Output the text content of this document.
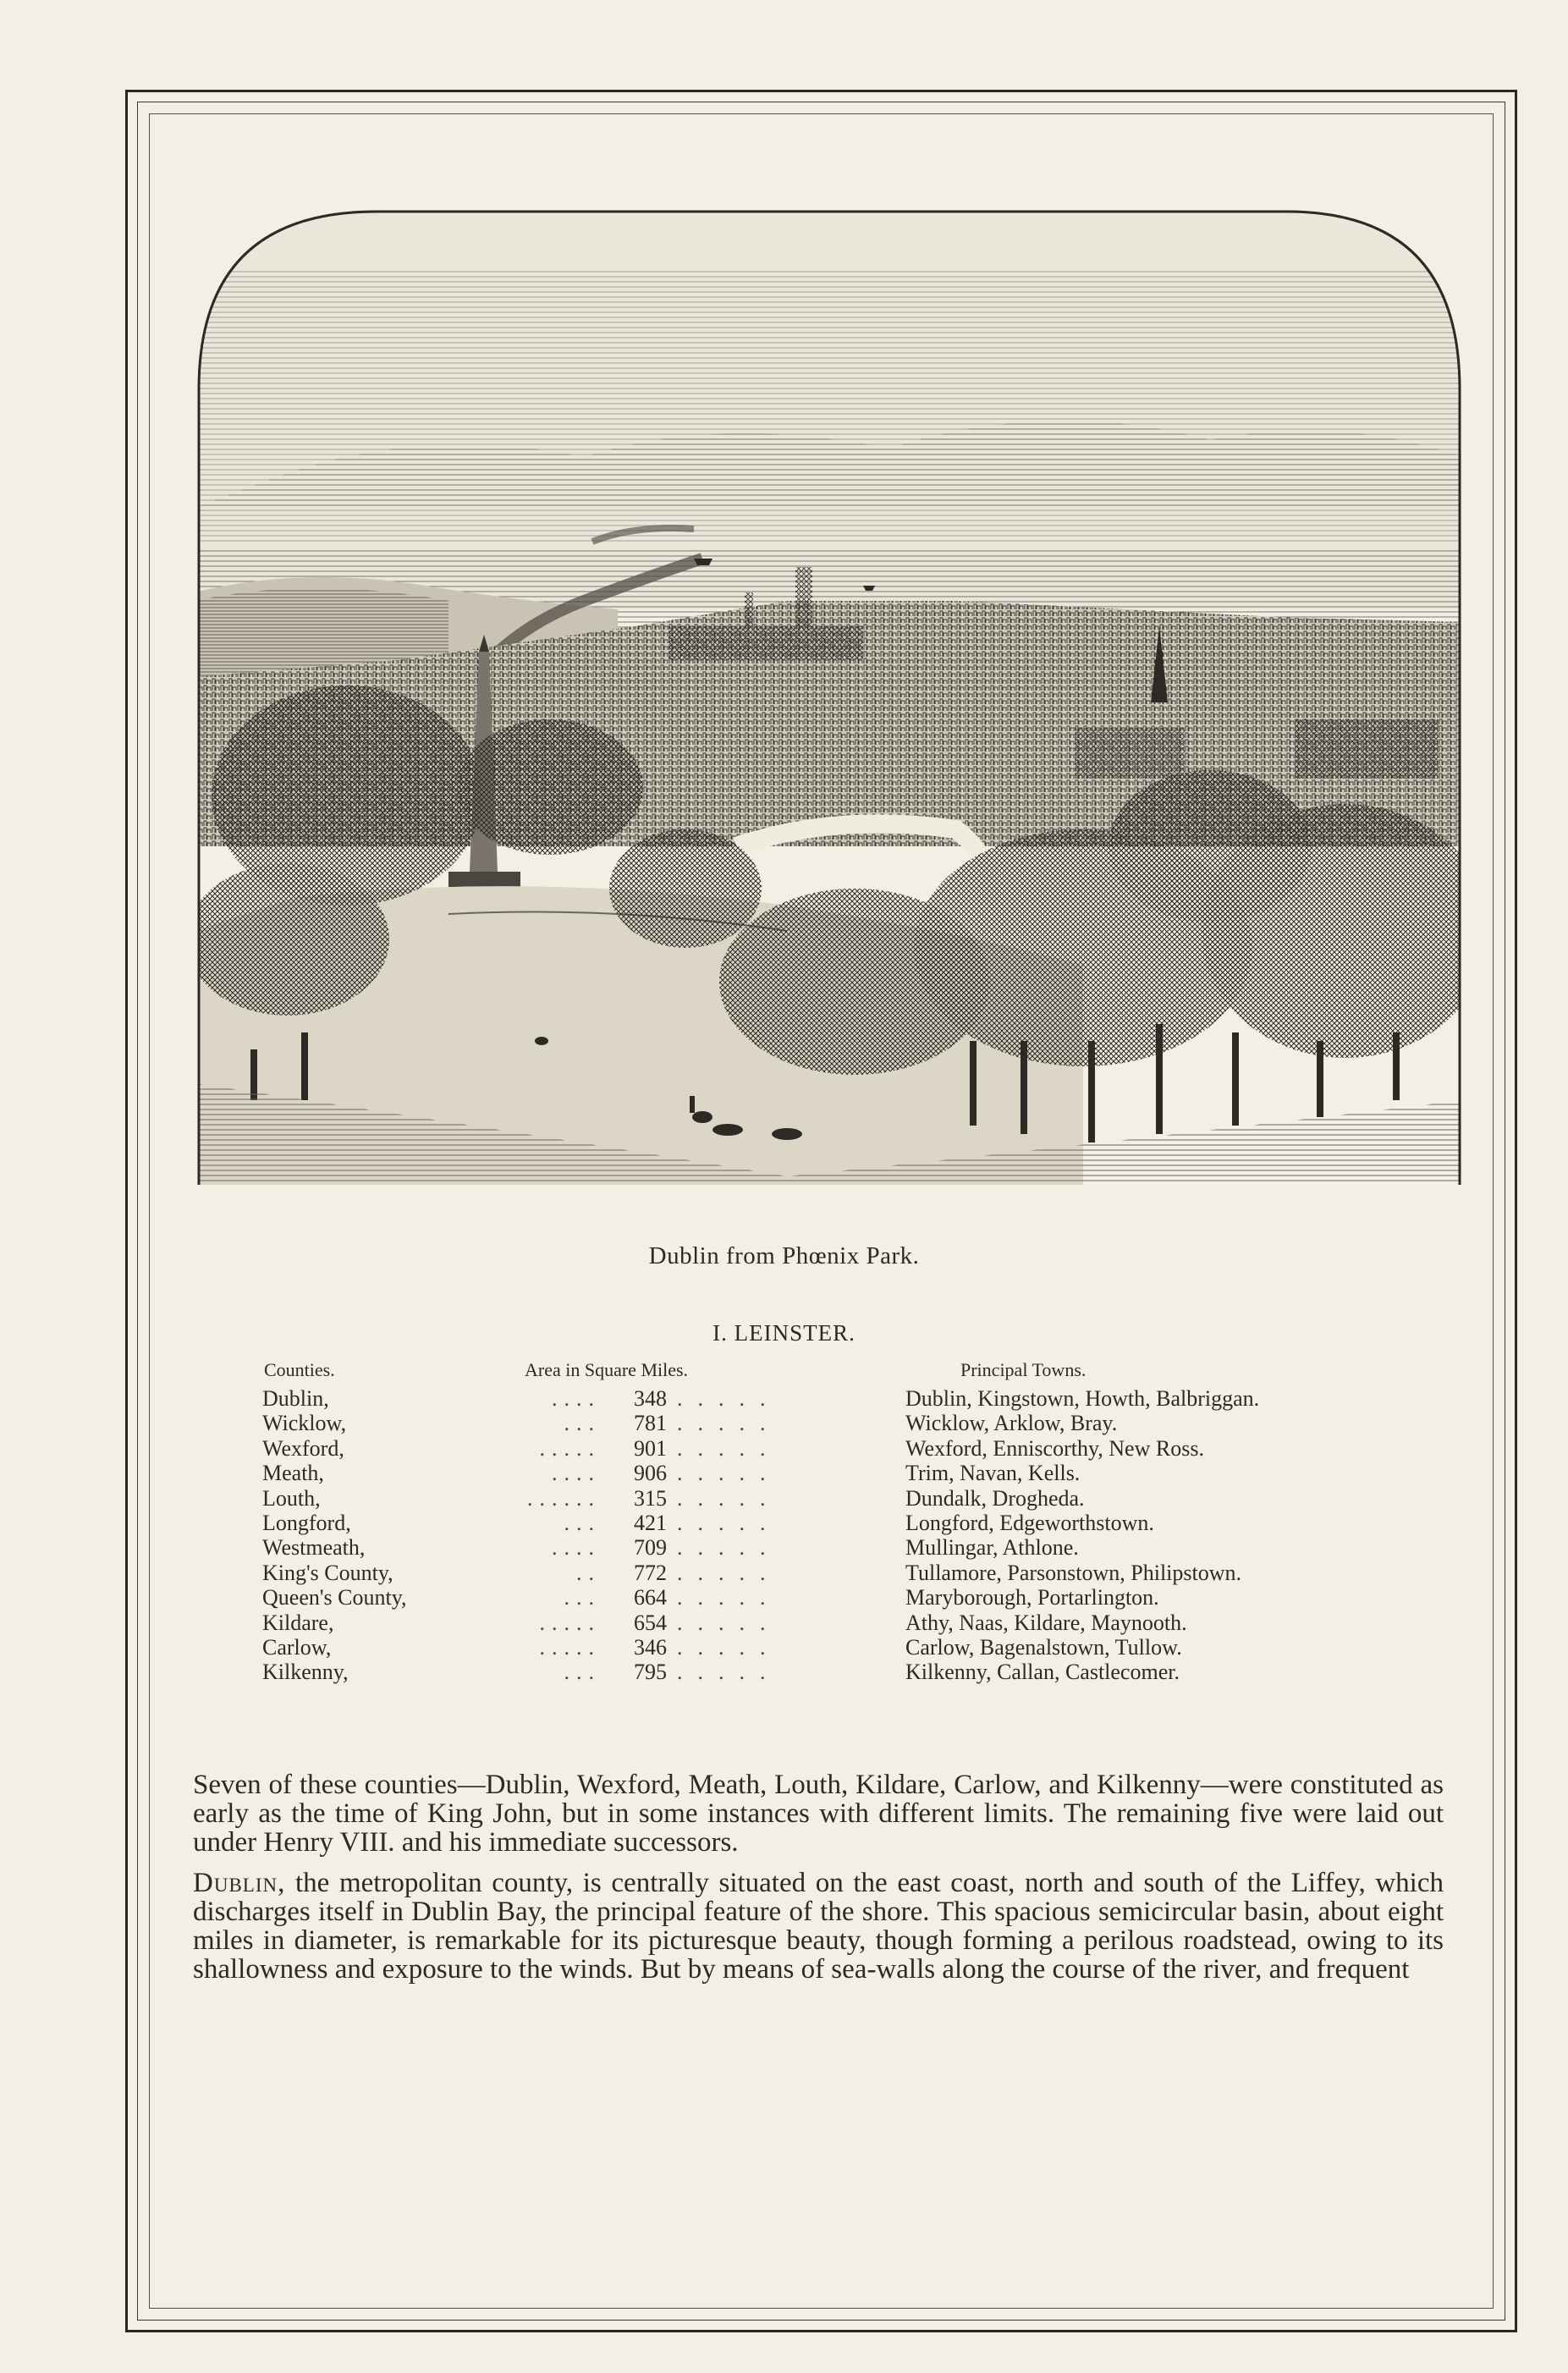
Dublin from Phœnix Park.
I. LEINSTER.
Counties.	Area in Square Miles.	Principal Towns.
Dublin,	....	348 .....	Dublin, Kingstown, Howth, Balbriggan.
Wicklow,	...	781 .....	Wicklow, Arklow, Bray.
Wexford,	.....	901 .....	Wexford, Enniscorthy, New Ross.
Meath,	....	906 .....	Trim, Navan, Kells.
Louth,	......	315 .....	Dundalk, Drogheda.
Longford,	...	421 .....	Longford, Edgeworthstown.
Westmeath,	....	709 .....	Mullingar, Athlone.
King's County,	..	772 .....	Tullamore, Parsonstown, Philipstown.
Queen's County,	...	664 .....	Maryborough, Portarlington.
Kildare,	.....	654 .....	Athy, Naas, Kildare, Maynooth.
Carlow,	.....	346 .....	Carlow, Bagenalstown, Tullow.
Kilkenny,	...	795 .....	Kilkenny, Callan, Castlecomer.

Seven of these counties—Dublin, Wexford, Meath, Louth, Kildare, Carlow, and Kilkenny—were constituted as early as the time of King John, but in some instances with different limits. The remaining five were laid out under Henry VIII. and his immediate successors.

Dublin, the metropolitan county, is centrally situated on the east coast, north and south of the Liffey, which discharges itself in Dublin Bay, the principal feature of the shore. This spacious semicircular basin, about eight miles in diameter, is remarkable for its picturesque beauty, though forming a perilous roadstead, owing to its shallowness and exposure to the winds. But by means of sea-walls along the course of the river, and frequent
